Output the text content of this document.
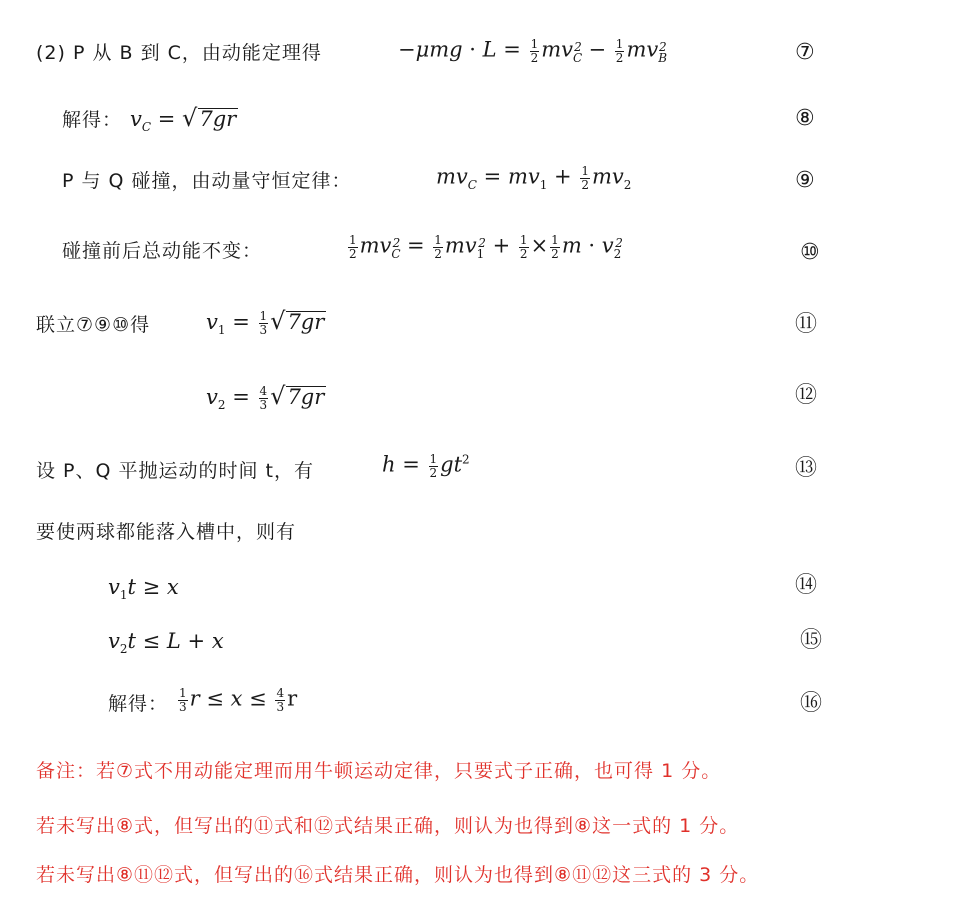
(2) P 从 B 到 C，由动能定理得	$-\mu mg \cdot L = \frac{1}{2} mv_C^2 - \frac{1}{2} mv_B^2$	⑦
解得： $v_C = √7gr$	⑧
P 与 Q 碰撞，由动量守恒定律：	$mv_C = mv_1 + \frac{1}{2} mv_2$	⑨
碰撞前后总动能不变：	$\frac{1}{2} mv_C^2 = \frac{1}{2} mv_1^2 + \frac{1}{2} \times \frac{1}{2}$ $m \cdot v_2^2$	⑩
联立⑦⑨⑩得	$v_1 = \frac{1}{3} √7gr$	⑪
$v_2 = \frac{4}{3} √7gr$	⑫
设 P、Q 平抛运动的时间 t，有	$h = \frac{1}{2} gt^2$	⑬
要使两球都能落入槽中，则有
$v_1t \ge x$	⑭
$v_2t \le L + x$	⑮
解得： $\frac{1}{3}$ $r \le x \le \frac{4}{3}$ r	⑯
备注：若⑦式不用动能定理而用牛顿运动定律，只要式子正确，也可得 1 分。
若未写出⑧式，但写出的⑪式和⑫式结果正确，则认为也得到⑧这一式的 1 分。
若未写出⑧⑪⑫式，但写出的⑯式结果正确，则认为也得到⑧⑪⑫这三式的 3 分。
